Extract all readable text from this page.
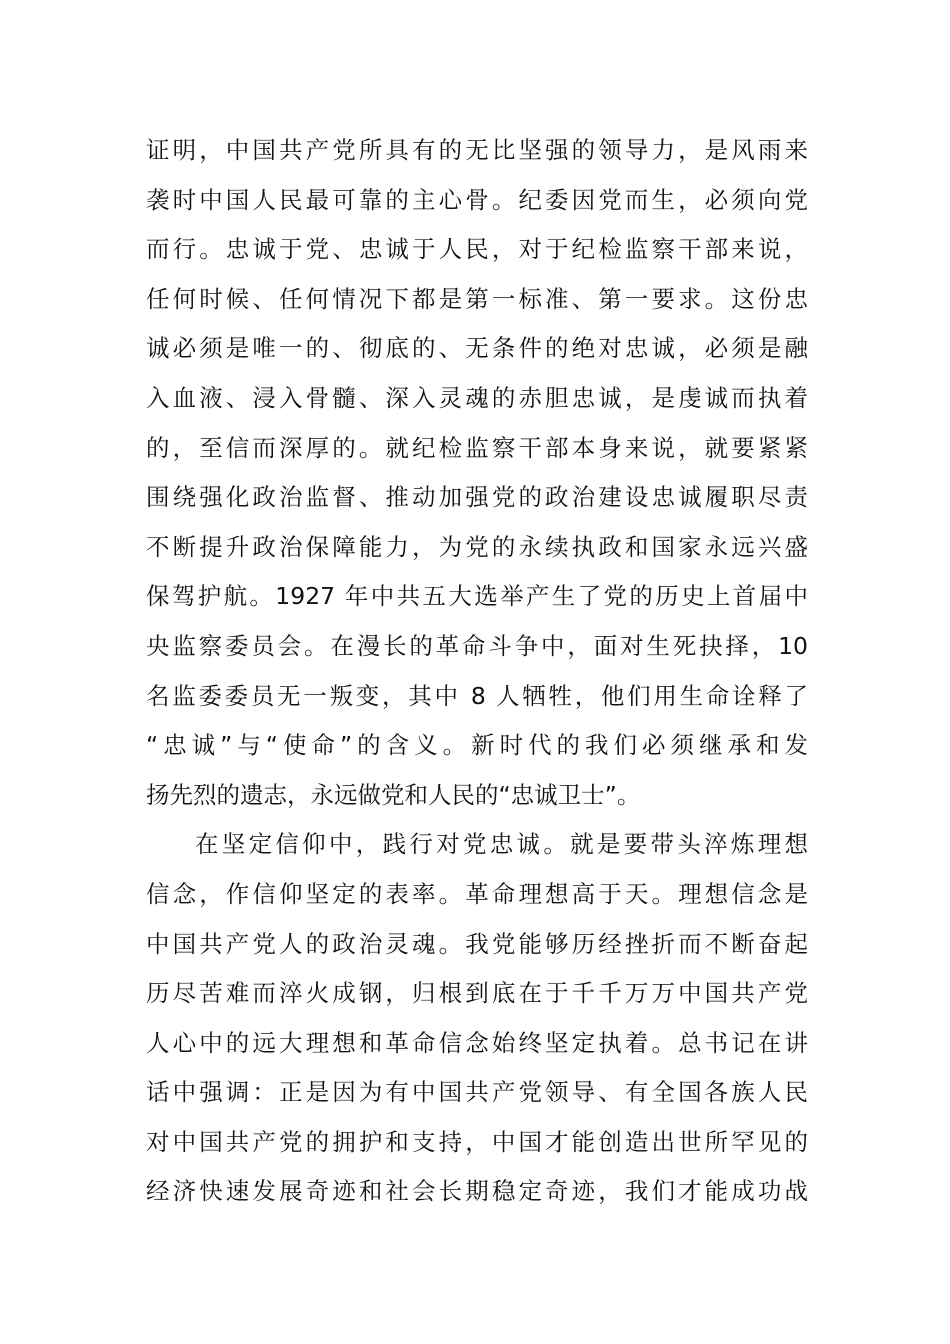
证明，中国共产党所具有的无比坚强的领导力，是风雨来
袭时中国人民最可靠的主心骨。纪委因党而生，必须向党
而行。忠诚于党、忠诚于人民，对于纪检监察干部来说，
任何时候、任何情况下都是第一标准、第一要求。这份忠
诚必须是唯一的、彻底的、无条件的绝对忠诚，必须是融
入血液、浸入骨髓、深入灵魂的赤胆忠诚，是虔诚而执着
的，至信而深厚的。就纪检监察干部本身来说，就要紧紧
围绕强化政治监督、推动加强党的政治建设忠诚履职尽责
不断提升政治保障能力，为党的永续执政和国家永远兴盛
保驾护航。1927 年中共五大选举产生了党的历史上首届中
央监察委员会。在漫长的革命斗争中，面对生死抉择，10
名监委委员无一叛变，其中 8 人牺牲，他们用生命诠释了
“忠诚”与“使命”的含义。新时代的我们必须继承和发
扬先烈的遗志，永远做党和人民的“忠诚卫士”。
在坚定信仰中，践行对党忠诚。就是要带头淬炼理想
信念，作信仰坚定的表率。革命理想高于天。理想信念是
中国共产党人的政治灵魂。我党能够历经挫折而不断奋起
历尽苦难而淬火成钢，归根到底在于千千万万中国共产党
人心中的远大理想和革命信念始终坚定执着。总书记在讲
话中强调：正是因为有中国共产党领导、有全国各族人民
对中国共产党的拥护和支持，中国才能创造出世所罕见的
经济快速发展奇迹和社会长期稳定奇迹，我们才能成功战
